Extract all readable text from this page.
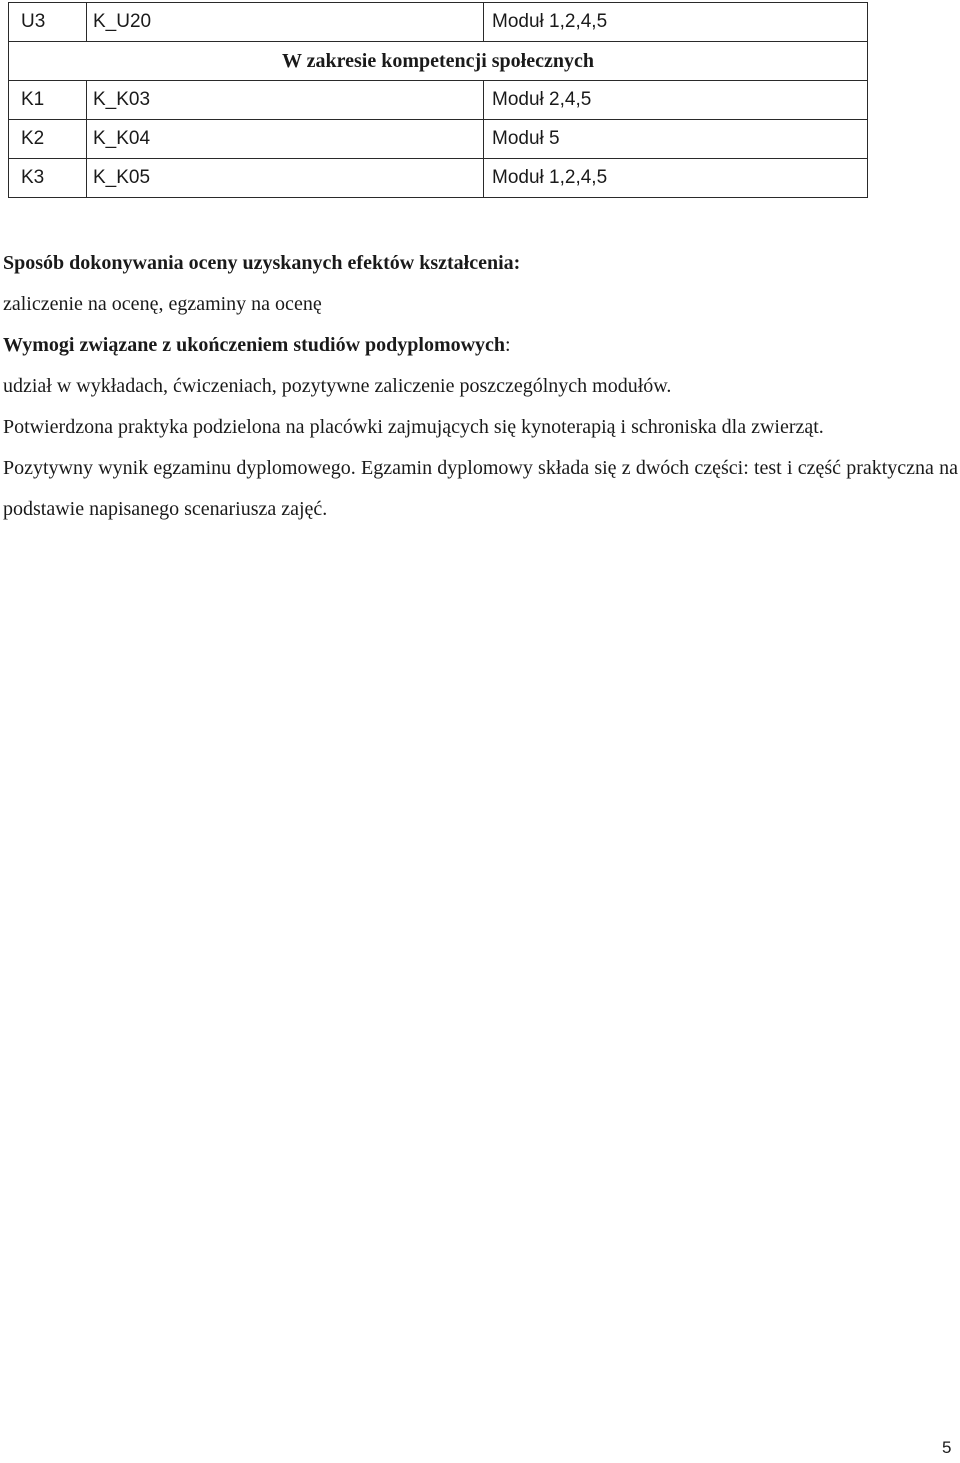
U3	K_U20	Moduł 1,2,4,5
W zakresie kompetencji społecznych		
K1	K_K03	Moduł 2,4,5
K2	K_K04	Moduł 5
K3	K_K05	Moduł 1,2,4,5

Sposób dokonywania oceny uzyskanych efektów kształcenia:

zaliczenie na ocenę, egzaminy na ocenę

Wymogi związane z ukończeniem studiów podyplomowych:

udział w wykładach, ćwiczeniach, pozytywne zaliczenie poszczególnych modułów.

Potwierdzona praktyka podzielona na placówki zajmujących się kynoterapią i schroniska dla zwierząt.

Pozytywny wynik egzaminu dyplomowego. Egzamin dyplomowy składa się z dwóch części: test i część praktyczna na podstawie napisanego scenariusza zajęć.

5
